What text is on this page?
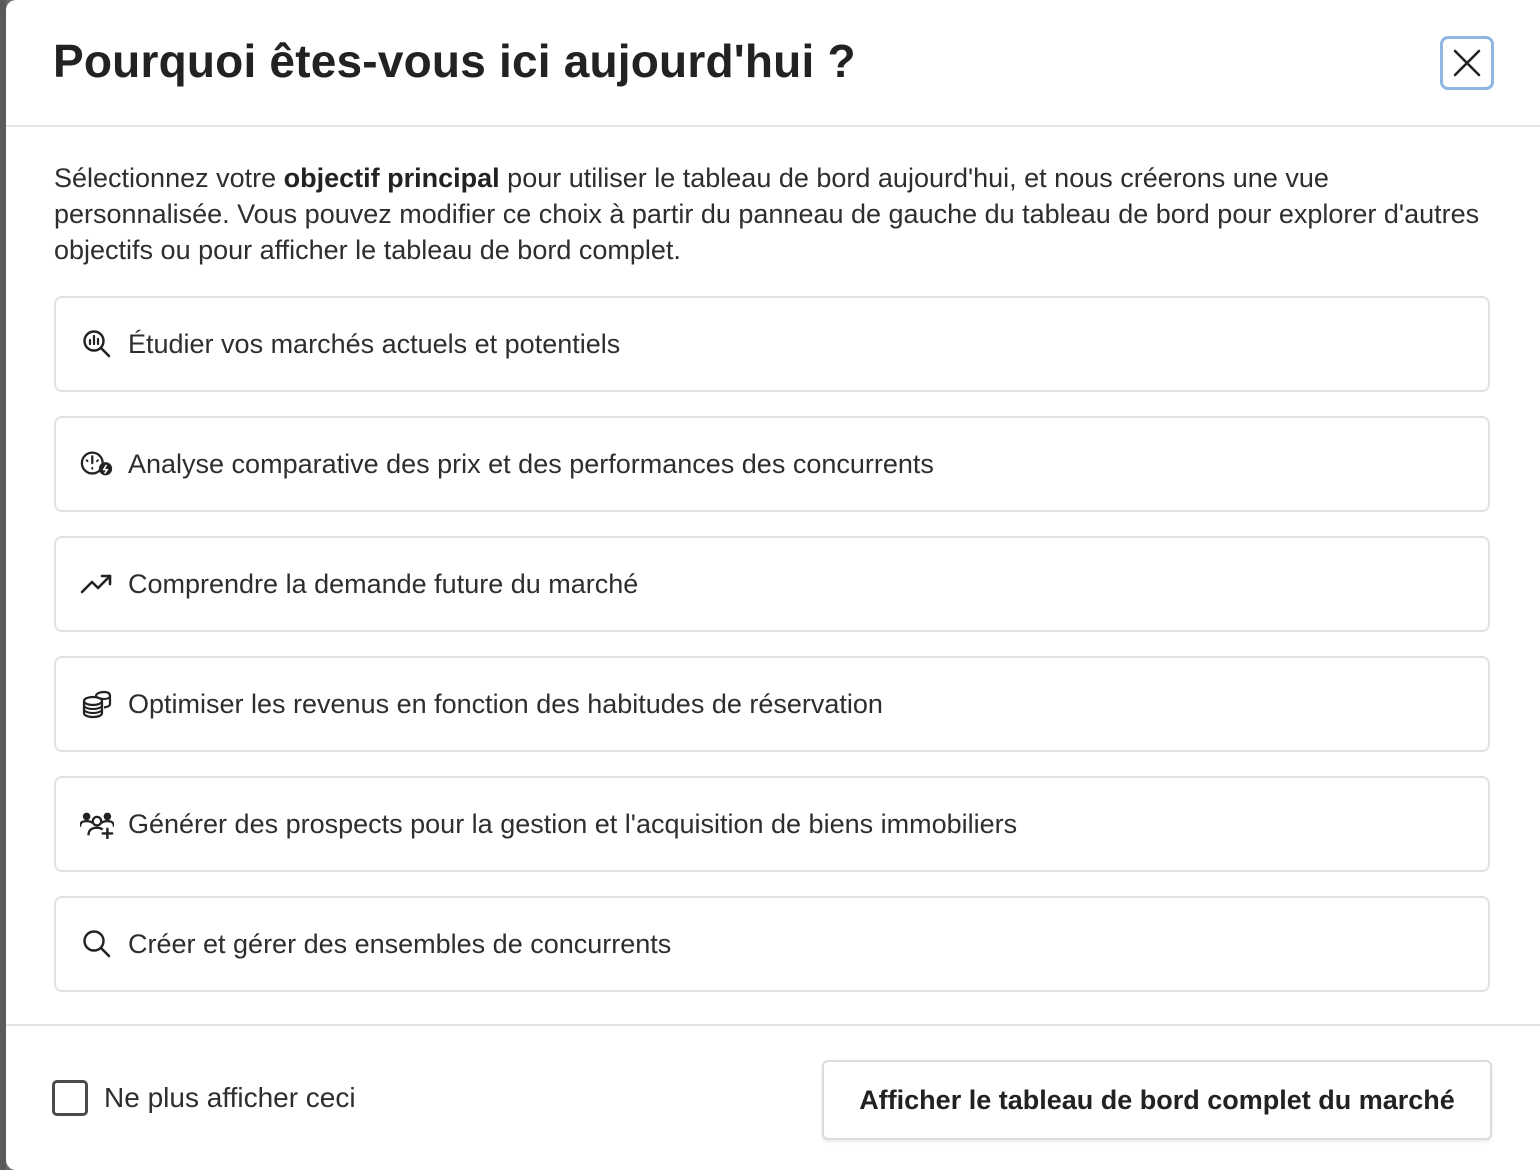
Pourquoi êtes-vous ici aujourd'hui ?

Sélectionnez votre objectif principal pour utiliser le tableau de bord aujourd'hui, et nous créerons une vue personnalisée. Vous pouvez modifier ce choix à partir du panneau de gauche du tableau de bord pour explorer d'autres objectifs ou pour afficher le tableau de bord complet.

Étudier vos marchés actuels et potentiels
Analyse comparative des prix et des performances des concurrents
Comprendre la demande future du marché
Optimiser les revenus en fonction des habitudes de réservation
Générer des prospects pour la gestion et l'acquisition de biens immobiliers
Créer et gérer des ensembles de concurrents
Ne plus afficher ceci	Afficher le tableau de bord complet du marché
